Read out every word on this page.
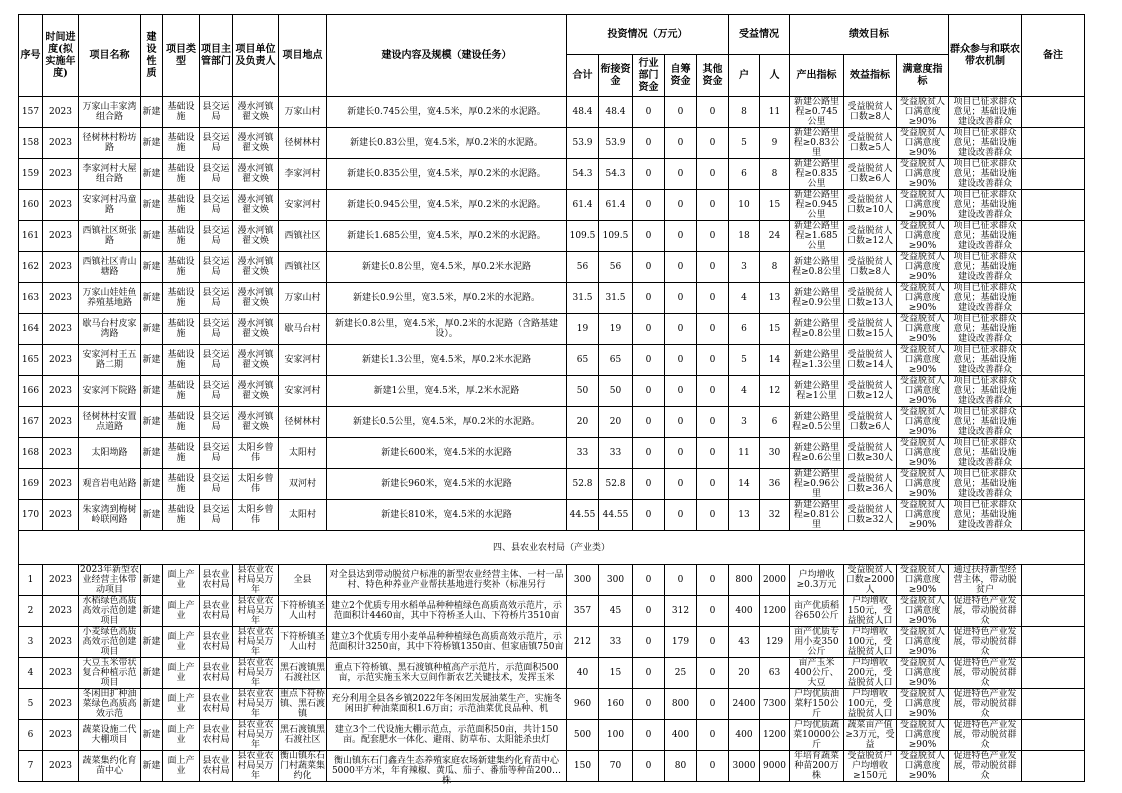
序号	时间进度(拟实施年度)	项目名称	建设性质	项目类型	项目主管部门	项目单位及负责人	项目地点	建设内容及规模（建设任务）	投资情况（万元）					受益情况		绩效目标			群众参与和联农带农机制	备注
									合计	衔接资金	行业部门资金	自筹资金	其他资金	户	人	产出指标	效益指标	满意度指标		

157	2023	万家山丰家湾组合路	新建	基础设施	县交运局	漫水河镇翟文焕	万家山村	新建长0.745公里，宽4.5米，厚0.2米的水泥路。	48.4	48.4	0	0	0	8	11	新建公路里程≥0.745公里	受益脱贫人口数≥8人	受益脱贫人口满意度≥90%	项目已征求群众意见；基础设施建设改善群众	

158	2023	径树林村粉坊路	新建	基础设施	县交运局	漫水河镇翟文焕	径树林村	新建长0.83公里，宽4.5米，厚0.2米的水泥路。	53.9	53.9	0	0	0	5	9	新建公路里程≥0.83公里	受益脱贫人口数≥5人	受益脱贫人口满意度≥90%	项目已征求群众意见；基础设施建设改善群众	

159	2023	李家河村大屋组合路	新建	基础设施	县交运局	漫水河镇翟文焕	李家河村	新建长0.835公里，宽4.5米，厚0.2米的水泥路。	54.3	54.3	0	0	0	6	8	新建公路里程≥0.835公里	受益脱贫人口数≥6人	受益脱贫人口满意度≥90%	项目已征求群众意见；基础设施建设改善群众	

160	2023	安家河村冯童路	新建	基础设施	县交运局	漫水河镇翟文焕	安家河村	新建长0.945公里，宽4.5米，厚0.2米的水泥路。	61.4	61.4	0	0	0	10	15	新建公路里程≥0.945公里	受益脱贫人口数≥10人	受益脱贫人口满意度≥90%	项目已征求群众意见；基础设施建设改善群众	

161	2023	西镇社区斑张路	新建	基础设施	县交运局	漫水河镇翟文焕	西镇社区	新建长1.685公里，宽4.5米，厚0.2米的水泥路。	109.5	109.5	0	0	0	18	24	新建公路里程≥1.685公里	受益脱贫人口数≥12人	受益脱贫人口满意度≥90%	项目已征求群众意见；基础设施建设改善群众	

162	2023	西镇社区青山塘路	新建	基础设施	县交运局	漫水河镇翟文焕	西镇社区	新建长0.8公里，宽4.5米，厚0.2米水泥路	56	56	0	0	0	3	8	新建公路里程≥0.8公里	受益脱贫人口数≥8人	受益脱贫人口满意度≥90%	项目已征求群众意见；基础设施建设改善群众	

163	2023	万家山娃娃鱼养殖基地路	新建	基础设施	县交运局	漫水河镇翟文焕	万家山村	新建长0.9公里，宽3.5米，厚0.2米的水泥路。	31.5	31.5	0	0	0	4	13	新建公路里程≥0.9公里	受益脱贫人口数≥13人	受益脱贫人口满意度≥90%	项目已征求群众意见；基础设施建设改善群众	

164	2023	歇马台村皮家湾路	新建	基础设施	县交运局	漫水河镇翟文焕	歇马台村	新建长0.8公里，宽4.5米，厚0.2米的水泥路（含路基建设）。	19	19	0	0	0	6	15	新建公路里程≥0.8公里	受益脱贫人口数≥15人	受益脱贫人口满意度≥90%	项目已征求群众意见；基础设施建设改善群众	

165	2023	安家河村王五路二期	新建	基础设施	县交运局	漫水河镇翟文焕	安家河村	新建长1.3公里，宽4.5米，厚0.2米水泥路	65	65	0	0	0	5	14	新建公路里程≥1.3公里	受益脱贫人口数≥14人	受益脱贫人口满意度≥90%	项目已征求群众意见；基础设施建设改善群众	

166	2023	安家河下院路	新建	基础设施	县交运局	漫水河镇翟文焕	安家河村	新建1公里，宽4.5米，厚.2米水泥路	50	50	0	0	0	4	12	新建公路里程≥1公里	受益脱贫人口数≥12人	受益脱贫人口满意度≥90%	项目已征求群众意见；基础设施建设改善群众	

167	2023	径树林村安置点道路	新建	基础设施	县交运局	漫水河镇翟文焕	径树林村	新建长0.5公里，宽4.5米，厚0.2米的水泥路。	20	20	0	0	0	3	6	新建公路里程≥0.5公里	受益脱贫人口数≥6人	受益脱贫人口满意度≥90%	项目已征求群众意见；基础设施建设改善群众	

168	2023	太阳坳路	新建	基础设施	县交运局	太阳乡曾伟	太阳村	新建长600米，宽4.5米的水泥路	33	33	0	0	0	11	30	新建公路里程≥0.6公里	受益脱贫人口数≥30人	受益脱贫人口满意度≥90%	项目已征求群众意见；基础设施建设改善群众	

169	2023	观音岩电站路	新建	基础设施	县交运局	太阳乡曾伟	双河村	新建长960米，宽4.5米的水泥路	52.8	52.8	0	0	0	14	36	新建公路里程≥0.96公里	受益脱贫人口数≥36人	受益脱贫人口满意度≥90%	项目已征求群众意见；基础设施建设改善群众	

170	2023	朱家湾到梅树岭联网路	新建	基础设施	县交运局	太阳乡曾伟	太阳村	新建长810米，宽4.5米的水泥路	44.55	44.55	0	0	0	13	32	新建公路里程≥0.81公里	受益脱贫人口数≥32人	受益脱贫人口满意度≥90%	项目已征求群众意见；基础设施建设改善群众	

四、县农业农村局（产业类）																				

1	2023	2023年新型农业经营主体带动项目	新建	面上产业	县农业农村局	县农业农村局吴万年	全县	对全县达到带动脱贫户标准的新型农业经营主体、一村一品村、特色种养业产业帮扶基地进行奖补（标准另行	300	300	0	0	0	800	2000	户均增收≥0.3万元	受益脱贫人口数≥2000人	受益脱贫人口满意度≥90%	通过扶持新型经营主体，带动脱贫户	

2	2023	水稻绿色高质高效示范创建项目	新建	面上产业	县农业农村局	县农业农村局吴万年	下符桥镇圣人山村	建立2个优质专用水稻单品种种植绿色高质高效示范片，示范面积计4460亩，其中下符桥圣人山、下符桥片3510亩	357	45	0	312	0	400	1200	亩产优质稻谷650公斤	户均增收150元，受益脱贫人口	受益脱贫人口满意度≥90%	促进特色产业发展，带动脱贫群众	

3	2023	小麦绿色高质高效示范创建项目	新建	面上产业	县农业农村局	县农业农村局吴万年	下符桥镇圣人山村	建立3个优质专用小麦单品种种植绿色高质高效示范片，示范面积计3250亩，其中下符桥镇1350亩、但家庙镇750亩	212	33	0	179	0	43	129	亩产优质专用小麦350公斤	户均增收100元，受益脱贫人口	受益脱贫人口满意度≥90%	促进特色产业发展，带动脱贫群众	

4	2023	大豆玉米带状复合种植示范项目	新建	面上产业	县农业农村局	县农业农村局吴万年	黑石渡镇黑石渡社区	重点下符桥镇、黑石渡镇种植高产示范片，示范面积500亩，示范实施玉米大豆间作新农艺关键技术，发挥玉米	40	15	0	25	0	20	63	亩产玉米400公斤、大豆	户均增收200元，受益脱贫人口	受益脱贫人口满意度≥90%	促进特色产业发展，带动脱贫群众	

5	2023	冬闲田扩种油菜绿色高质高效示范	新建	面上产业	县农业农村局	县农业农村局吴万年	重点下符桥镇、黑石渡镇	充分利用全县各乡镇2022年冬闲田发展油菜生产，实施冬闲田扩种油菜面积1.6万亩；示范油菜优良品种、机	960	160	0	800	0	2400	7300	户均优质油菜籽150公斤	户均增收100元，受益脱贫人口	受益脱贫人口满意度≥90%	促进特色产业发展，带动脱贫群众	

6	2023	蔬菜设施二代大棚项目	新建	面上产业	县农业农村局	县农业农村局吴万年	黑石渡镇黑石渡社区	建立3个二代设施大棚示范点，示范面积50亩，共计150亩。配套肥水一体化、避雨、防草布、太阳能杀虫灯	500	100	0	400	0	400	1200	户均优质蔬菜10000公斤	蔬菜亩产值≥3万元，受益	受益脱贫人口满意度≥90%	促进特色产业发展，带动脱贫群众	

7	2023	蔬菜集约化育苗中心	新建	面上产业	县农业农村局	县农业农村局吴万年	衡山镇东石门村蔬菜集约化	衡山镇东石门鑫垚生态养殖家庭农场新建集约化育苗中心5000平方米，年育辣椒、黄瓜、茄子、番茄等种苗200万株	150	70	0	80	0	3000	9000	年培育蔬菜种苗200万株	受益脱贫户户均增收≥150元	受益脱贫人口满意度≥90%	促进特色产业发展，带动脱贫群众	
